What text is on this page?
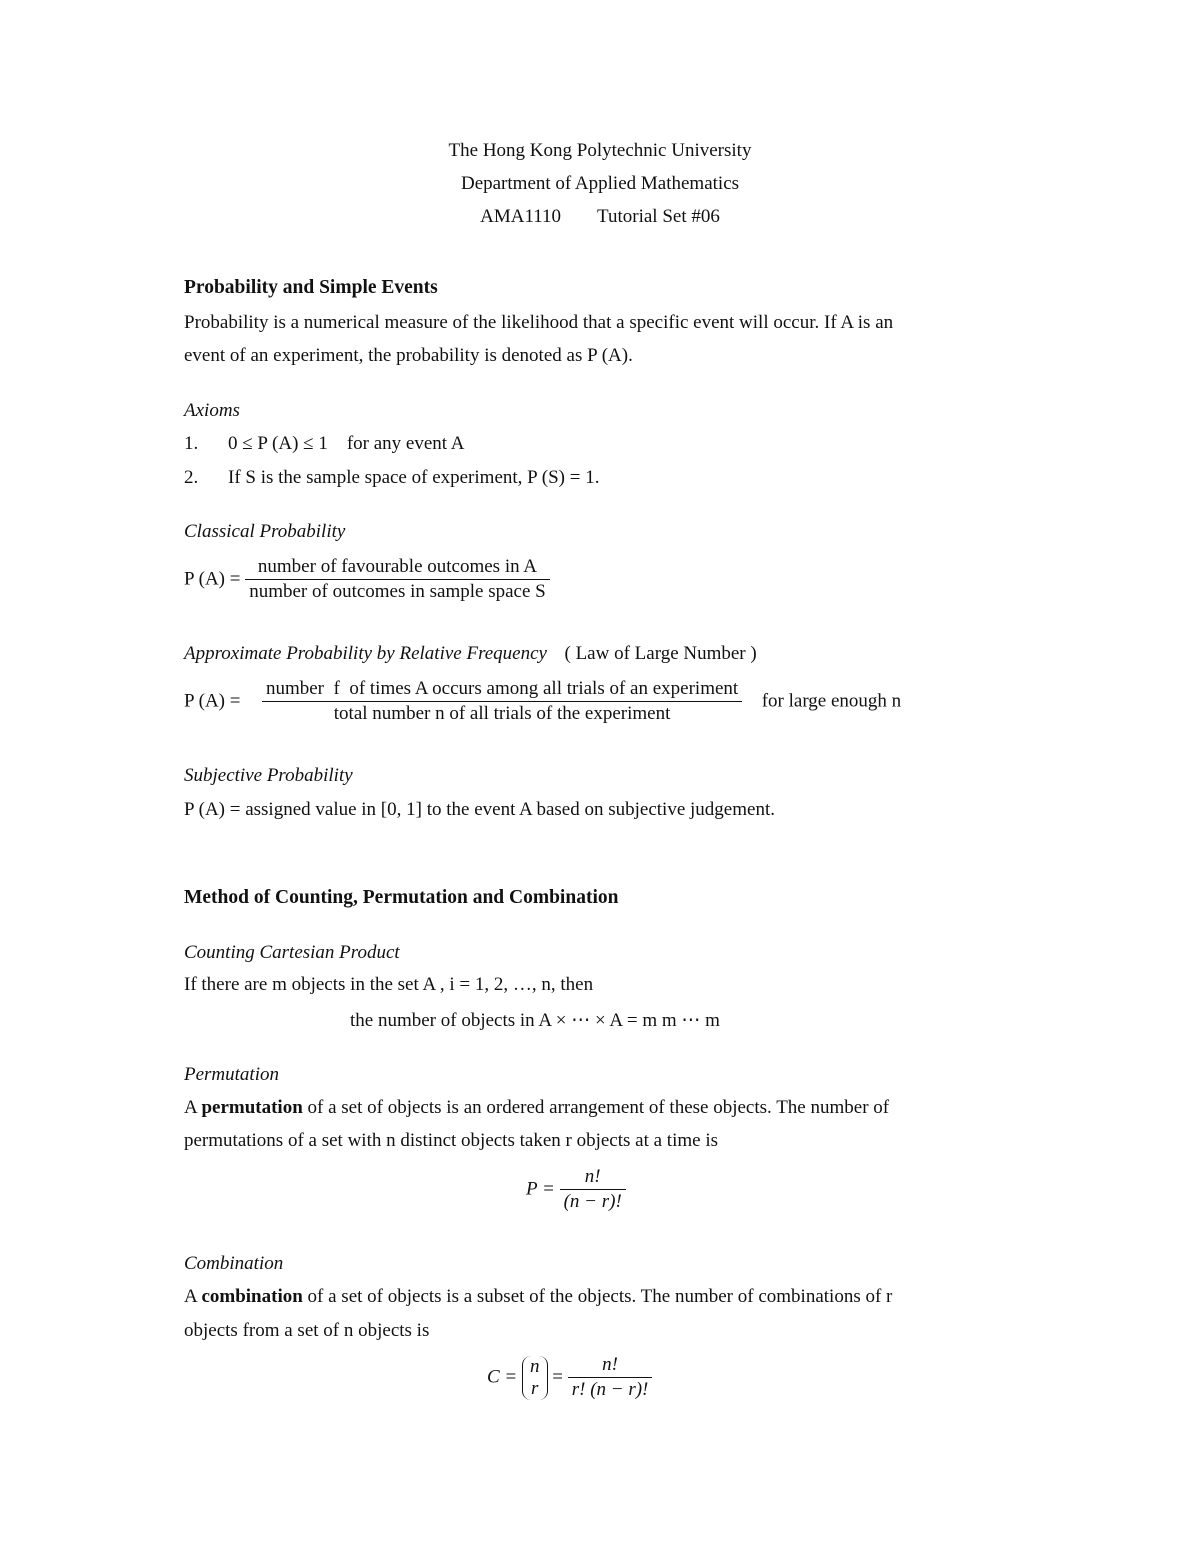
The Hong Kong Polytechnic University
Department of Applied Mathematics
AMA1110 Tutorial Set #06
Probability and Simple Events
Probability is a numerical measure of the likelihood that a specific event will occur. If A is an
event of an experiment, the probability is denoted as P (A).
Axioms
1. 0 ≤ P (A) ≤ 1    for any event A
2. If S is the sample space of experiment, P (S) = 1.
Classical Probability
P $(A) = \frac{\text{number of favourable outcomes in A}}{\text{number of outcomes in sample space S}}$
Approximate Probability by Relative Frequency ( Law of Large Number )
P (A) =
number  f  of times A occurs among all trials of an experiment
total number n of all trials of the experiment
for large enough n
Subjective Probability
P (A) = assigned value in [0, 1] to the event A based on subjective judgement.
Method of Counting, Permutation and Combination
Counting Cartesian Product
If there are m objects in the set A , i = 1, 2, …, n, then
the number of objects in A × ⋯ × A = m m ⋯ m
Permutation
A permutation of a set of objects is an ordered arrangement of these objects. The number of
permutations of a set with n distinct objects taken r objects at a time is
$P = \frac{n!}{(n - r)!}$
Combination
A combination of a set of objects is a subset of the objects. The number of combinations of r
objects from a set of n objects is
C =
n
r
= $\frac{n!}{r! (n - r)!}$
